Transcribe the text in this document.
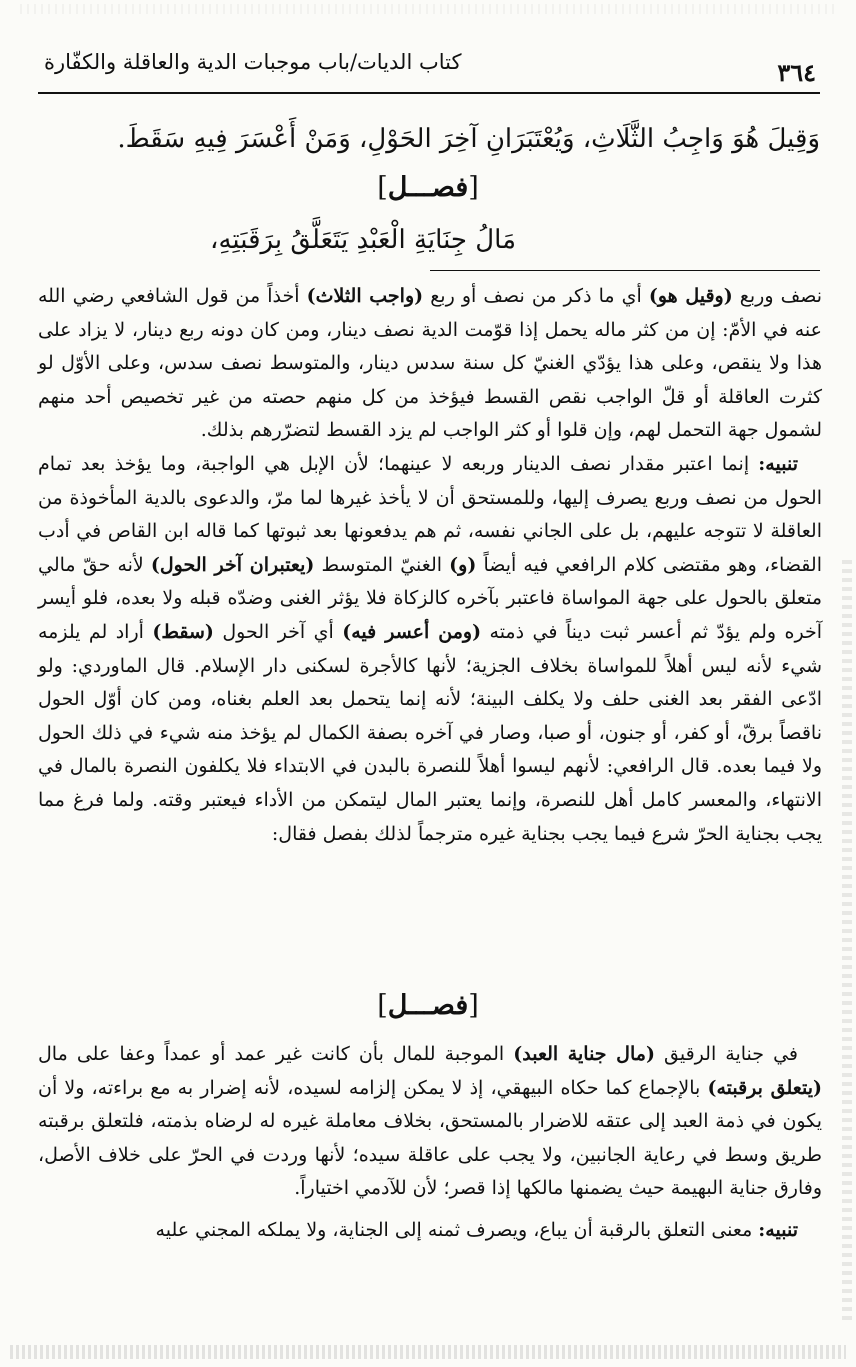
كتاب الديات/باب موجبات الدية والعاقلة والكفّارة	٣٦٤
وَقِيلَ هُوَ وَاجِبُ الثَّلَاثِ، وَيُعْتَبَرَانِ آخِرَ الحَوْلِ، وَمَنْ أَعْسَرَ فِيهِ سَقَطَ.
[فصـــل]
مَالُ جِنَايَةِ الْعَبْدِ يَتَعَلَّقُ بِرَقَبَتِهِ،

نصف وربع (وقيل هو) أي ما ذكر من نصف أو ربع (واجب الثلاث) أخذاً من قول الشافعي رضي الله عنه في الأمّ: إن من كثر ماله يحمل إذا قوّمت الدية نصف دينار، ومن كان دونه ربع دينار، لا يزاد على هذا ولا ينقص، وعلى هذا يؤدّي الغنيّ كل سنة سدس دينار، والمتوسط نصف سدس، وعلى الأوّل لو كثرت العاقلة أو قلّ الواجب نقص القسط فيؤخذ من كل منهم حصته من غير تخصيص أحد منهم لشمول جهة التحمل لهم، وإن قلوا أو كثر الواجب لم يزد القسط لتضرّرهم بذلك.

تنبيه: إنما اعتبر مقدار نصف الدينار وربعه لا عينهما؛ لأن الإبل هي الواجبة، وما يؤخذ بعد تمام الحول من نصف وربع يصرف إليها، وللمستحق أن لا يأخذ غيرها لما مرّ، والدعوى بالدية المأخوذة من العاقلة لا تتوجه عليهم، بل على الجاني نفسه، ثم هم يدفعونها بعد ثبوتها كما قاله ابن القاص في أدب القضاء، وهو مقتضى كلام الرافعي فيه أيضاً (و) الغنيّ المتوسط (يعتبران آخر الحول) لأنه حقّ مالي متعلق بالحول على جهة المواساة فاعتبر بآخره كالزكاة فلا يؤثر الغنى وضدّه قبله ولا بعده، فلو أيسر آخره ولم يؤدّ ثم أعسر ثبت ديناً في ذمته (ومن أعسر فيه) أي آخر الحول (سقط) أراد لم يلزمه شيء لأنه ليس أهلاً للمواساة بخلاف الجزية؛ لأنها كالأجرة لسكنى دار الإسلام. قال الماوردي: ولو ادّعى الفقر بعد الغنى حلف ولا يكلف البينة؛ لأنه إنما يتحمل بعد العلم بغناه، ومن كان أوّل الحول ناقصاً برقّ، أو كفر، أو جنون، أو صبا، وصار في آخره بصفة الكمال لم يؤخذ منه شيء في ذلك الحول ولا فيما بعده. قال الرافعي: لأنهم ليسوا أهلاً للنصرة بالبدن في الابتداء فلا يكلفون النصرة بالمال في الانتهاء، والمعسر كامل أهل للنصرة، وإنما يعتبر المال ليتمكن من الأداء فيعتبر وقته. ولما فرغ مما يجب بجناية الحرّ شرع فيما يجب بجناية غيره مترجماً لذلك بفصل فقال:

[فصـــل]

في جناية الرقيق (مال جناية العبد) الموجبة للمال بأن كانت غير عمد أو عمداً وعفا على مال (يتعلق برقبته) بالإجماع كما حكاه البيهقي، إذ لا يمكن إلزامه لسيده، لأنه إضرار به مع براءته، ولا أن يكون في ذمة العبد إلى عتقه للاضرار بالمستحق، بخلاف معاملة غيره له لرضاه بذمته، فلتعلق برقبته طريق وسط في رعاية الجانبين، ولا يجب على عاقلة سيده؛ لأنها وردت في الحرّ على خلاف الأصل، وفارق جناية البهيمة حيث يضمنها مالكها إذا قصر؛ لأن للآدمي اختياراً.

تنبيه: معنى التعلق بالرقبة أن يباع، ويصرف ثمنه إلى الجناية، ولا يملكه المجني عليه
